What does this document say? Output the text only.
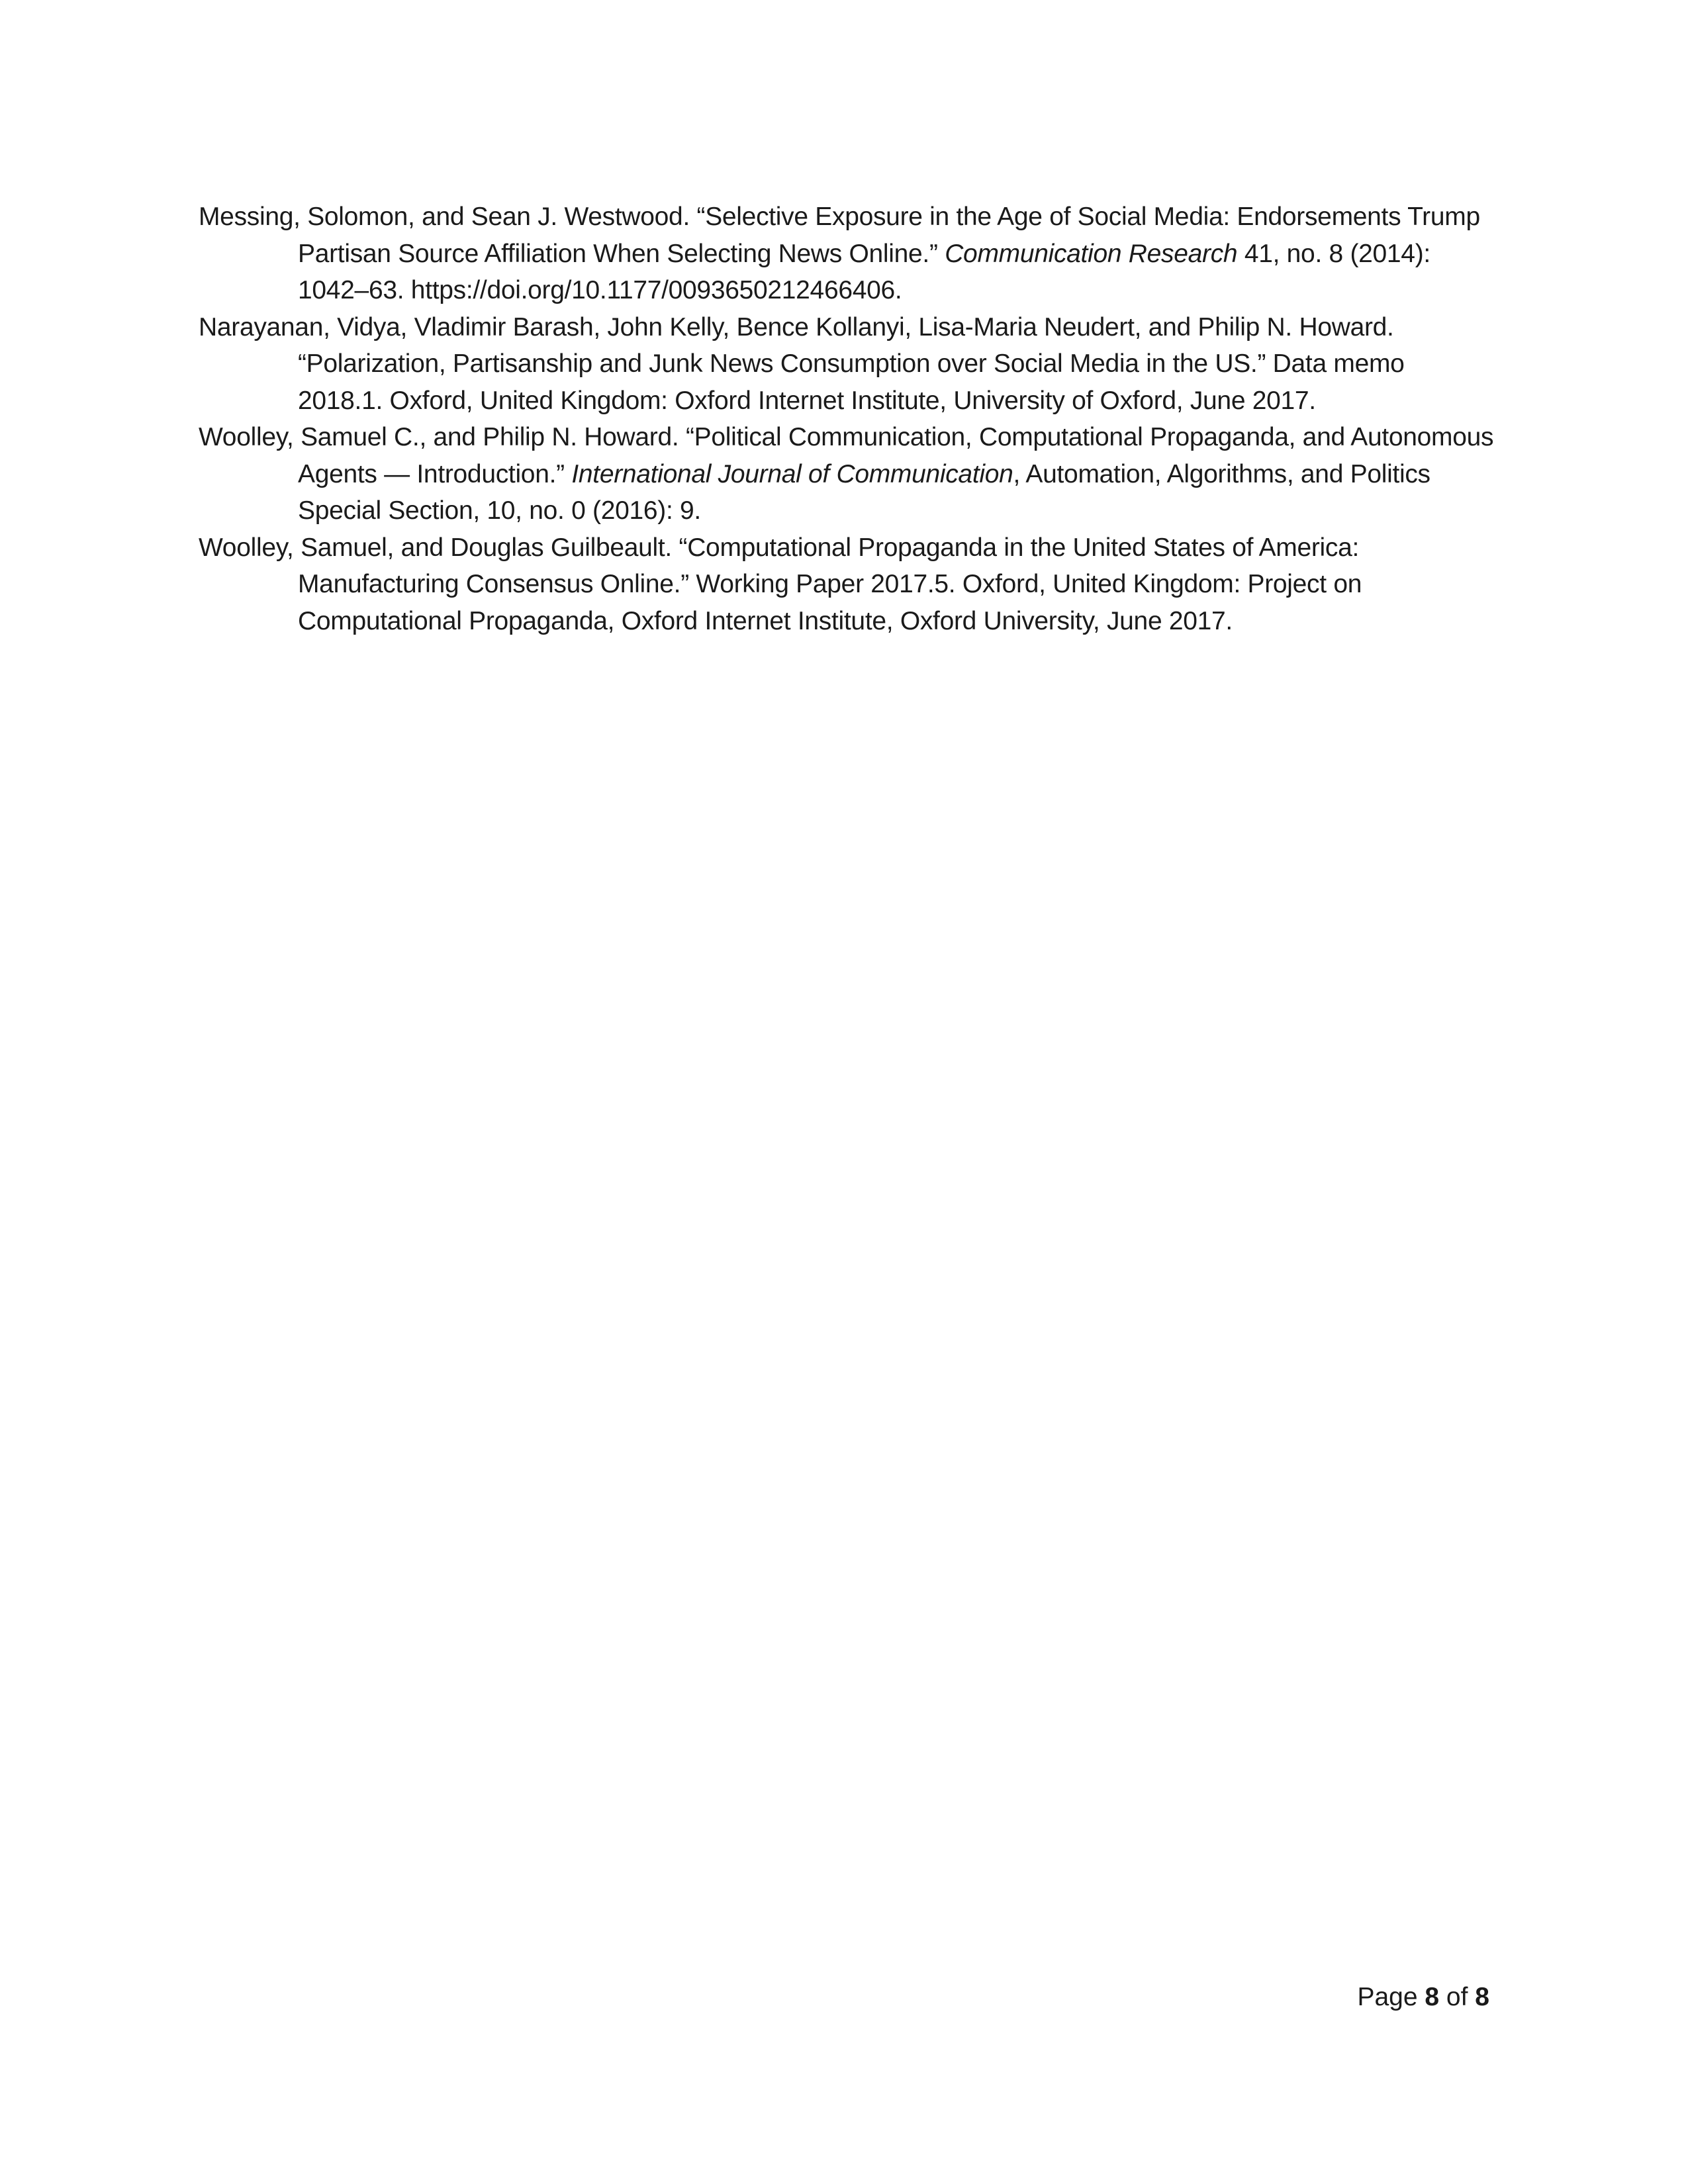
Messing, Solomon, and Sean J. Westwood. “Selective Exposure in the Age of Social Media: Endorsements Trump Partisan Source Affiliation When Selecting News Online.” Communication Research 41, no. 8 (2014): 1042–63. https://doi.org/10.1177/0093650212466406.

Narayanan, Vidya, Vladimir Barash, John Kelly, Bence Kollanyi, Lisa-Maria Neudert, and Philip N. Howard. “Polarization, Partisanship and Junk News Consumption over Social Media in the US.” Data memo 2018.1. Oxford, United Kingdom: Oxford Internet Institute, University of Oxford, June 2017.

Woolley, Samuel C., and Philip N. Howard. “Political Communication, Computational Propaganda, and Autonomous Agents — Introduction.” International Journal of Communication, Automation, Algorithms, and Politics Special Section, 10, no. 0 (2016): 9.

Woolley, Samuel, and Douglas Guilbeault. “Computational Propaganda in the United States of America: Manufacturing Consensus Online.” Working Paper 2017.5. Oxford, United Kingdom: Project on Computational Propaganda, Oxford Internet Institute, Oxford University, June 2017.

Page 8 of 8
